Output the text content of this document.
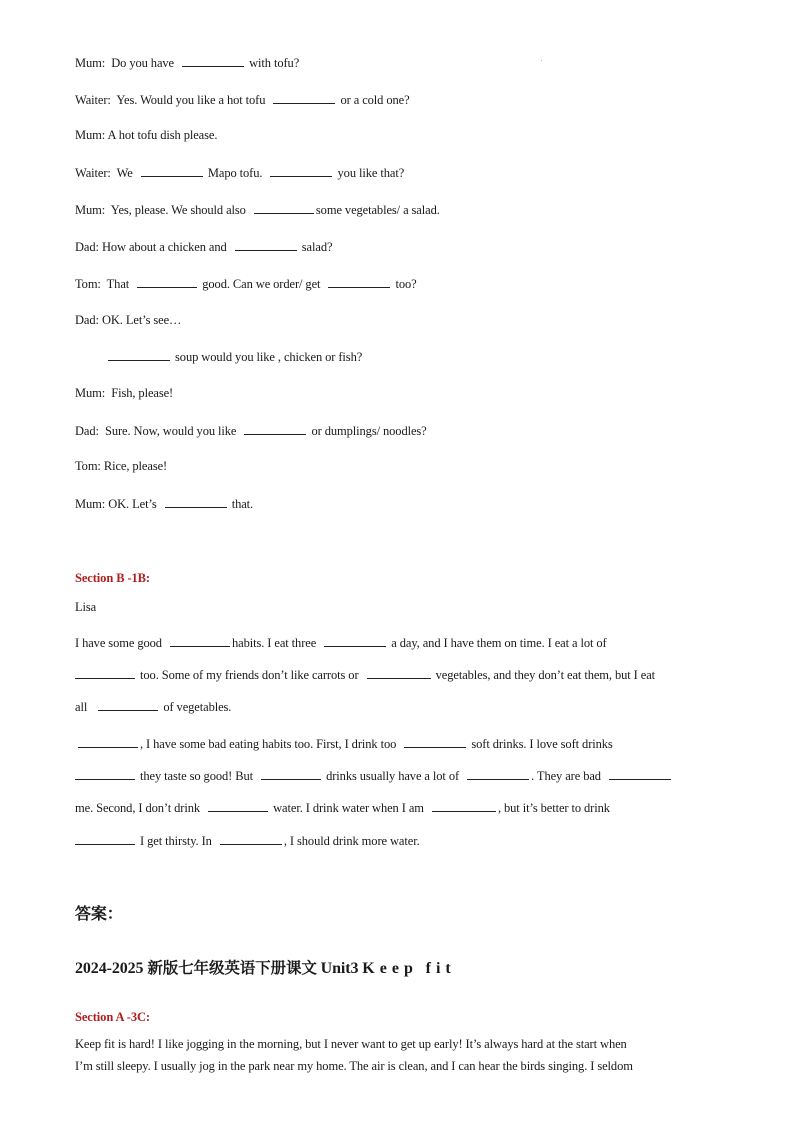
Mum: Do you have	with tofu?
Waiter: Yes. Would you like a hot tofu	or a cold one?
Mum: A hot tofu dish please.
Waiter: We	Mapo tofu.	you like that?
Mum: Yes, please. We should also	some vegetables/ a salad.
Dad: How about a chicken and	salad?
Tom: That	good. Can we order/ get	too?
Dad: OK. Let’s see…
soup would you like , chicken or fish?
Mum: Fish, please!
Dad: Sure. Now, would you like	or dumplings/ noodles?
Tom: Rice, please!
Mum: OK. Let’s	that.
Section B -1B:
Lisa
I have some good	habits. I eat three	a day, and I have them on time. I eat a lot of
too. Some of my friends don’t like carrots or	vegetables, and they don’t eat them, but I eat
all	of vegetables.
, I have some bad eating habits too. First, I drink too	soft drinks. I love soft drinks
they taste so good! But	drinks usually have a lot of	. They are bad
me. Second, I don’t drink	water. I drink water when I am	, but it’s better to drink
I get thirsty. In	, I should drink more water.
答案：
2024-2025 新版七年级英语下册课文 Unit3 Keep fit
Section A -3C:
Keep fit is hard! I like jogging in the morning, but I never want to get up early! It’s always hard at the start when
I’m still sleepy. I usually jog in the park near my home. The air is clean, and I can hear the birds singing. I seldom
